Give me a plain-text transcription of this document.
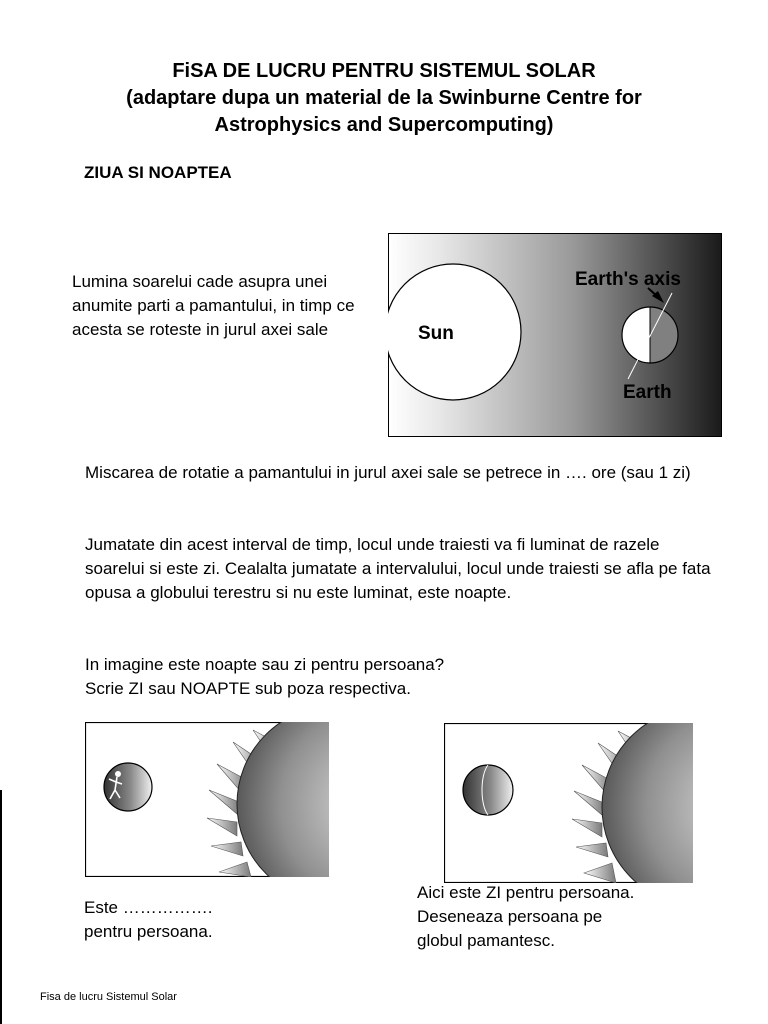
FiSA DE LUCRU PENTRU SISTEMUL SOLAR
(adaptare dupa un material de la Swinburne Centre for
Astrophysics and Supercomputing)
ZIUA SI NOAPTEA
Lumina soarelui cade asupra unei anumite parti a pamantului, in timp ce acesta se roteste in jurul axei sale	Sun
Earth's axis
Earth
Miscarea de rotatie a pamantului in jurul axei sale se petrece in …. ore (sau 1 zi)
Jumatate din acest interval de timp, locul unde traiesti va fi luminat de razele soarelui si este zi. Cealalta jumatate a intervalului, locul unde traiesti se afla pe fata opusa a globului terestru si nu este luminat, este noapte.
In imagine este noapte sau zi pentru persoana?
Scrie ZI sau NOAPTE sub poza respectiva.
Este …………….
pentru persoana.
Aici este ZI pentru persoana.
Deseneaza persoana pe
globul pamantesc.
Fisa de lucru Sistemul Solar
